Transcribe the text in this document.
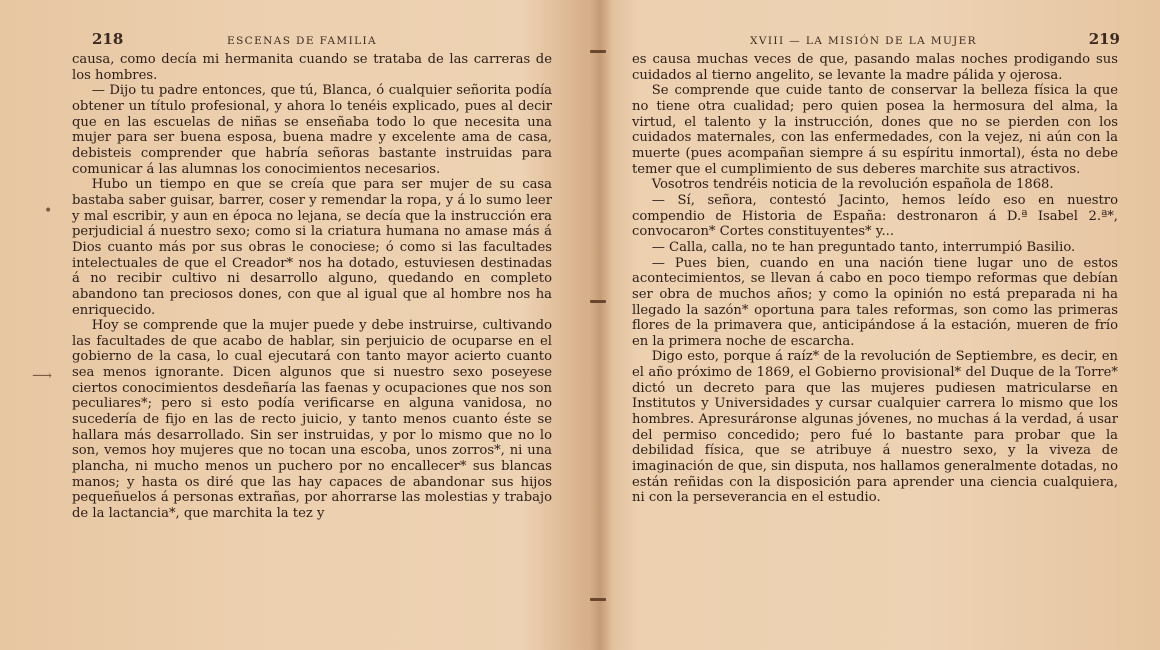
•
⟶
218	ESCENAS DE FAMILIA

causa, como decía mi hermanita cuando se trataba de las carreras de los hombres.

— Dijo tu padre entonces, que tú, Blanca, ó cualquier señorita podía obtener un título profesional, y ahora lo tenéis explicado, pues al decir que en las escuelas de niñas se enseñaba todo lo que necesita una mujer para ser buena esposa, buena madre y excelente ama de casa, debisteis comprender que habría señoras bastante instruidas para comunicar á las alumnas los conocimientos necesarios.

Hubo un tiempo en que se creía que para ser mujer de su casa bastaba saber guisar, barrer, coser y remendar la ropa, y á lo sumo leer y mal escribir, y aun en época no lejana, se decía que la instrucción era perjudicial á nuestro sexo; como si la criatura humana no amase más á Dios cuanto más por sus obras le conociese; ó como si las facultades intelectuales de que el Creador* nos ha dotado, estuviesen destinadas á no recibir cultivo ni desarrollo alguno, quedando en completo abandono tan preciosos dones, con que al igual que al hombre nos ha enriquecido.

Hoy se comprende que la mujer puede y debe instruirse, cultivando las facultades de que acabo de hablar, sin perjuicio de ocuparse en el gobierno de la casa, lo cual ejecutará con tanto mayor acierto cuanto sea menos ignorante. Dicen algunos que si nuestro sexo poseyese ciertos conocimientos desdeñaría las faenas y ocupaciones que nos son peculiares*; pero si esto podía verificarse en alguna vanidosa, no sucedería de fijo en las de recto juicio, y tanto menos cuanto éste se hallara más desarrollado. Sin ser instruidas, y por lo mismo que no lo son, vemos hoy mujeres que no tocan una escoba, unos zorros*, ni una plancha, ni mucho menos un puchero por no encallecer* sus blancas manos; y hasta os diré que las hay capaces de abandonar sus hijos pequeñuelos á personas extrañas, por ahorrarse las molestias y trabajo de la lactancia*, que marchita la tez y

XVIII — LA MISIÓN DE LA MUJER	219

es causa muchas veces de que, pasando malas noches prodigando sus cuidados al tierno angelito, se levante la madre pálida y ojerosa.

Se comprende que cuide tanto de conservar la belleza física la que no tiene otra cualidad; pero quien posea la hermosura del alma, la virtud, el talento y la instrucción, dones que no se pierden con los cuidados maternales, con las enfermedades, con la vejez, ni aún con la muerte (pues acompañan siempre á su espíritu inmortal), ésta no debe temer que el cumplimiento de sus deberes marchite sus atractivos.

Vosotros tendréis noticia de la revolución española de 1868.

— Sí, señora, contestó Jacinto, hemos leído eso en nuestro compendio de Historia de España: destronaron á D.ª Isabel 2.ª*, convocaron* Cortes constituyentes* y...

— Calla, calla, no te han preguntado tanto, interrumpió Basilio.

— Pues bien, cuando en una nación tiene lugar uno de estos acontecimientos, se llevan á cabo en poco tiempo reformas que debían ser obra de muchos años; y como la opinión no está preparada ni ha llegado la sazón* oportuna para tales reformas, son como las primeras flores de la primavera que, anticipándose á la estación, mueren de frío en la primera noche de escarcha.

Digo esto, porque á raíz* de la revolución de Septiembre, es decir, en el año próximo de 1869, el Gobierno provisional* del Duque de la Torre* dictó un decreto para que las mujeres pudiesen matricularse en Institutos y Universidades y cursar cualquier carrera lo mismo que los hombres. Apresuráronse algunas jóvenes, no muchas á la verdad, á usar del permiso concedido; pero fué lo bastante para probar que la debilidad física, que se atribuye á nuestro sexo, y la viveza de imaginación de que, sin disputa, nos hallamos generalmente dotadas, no están reñidas con la disposición para aprender una ciencia cualquiera, ni con la perseverancia en el estudio.
